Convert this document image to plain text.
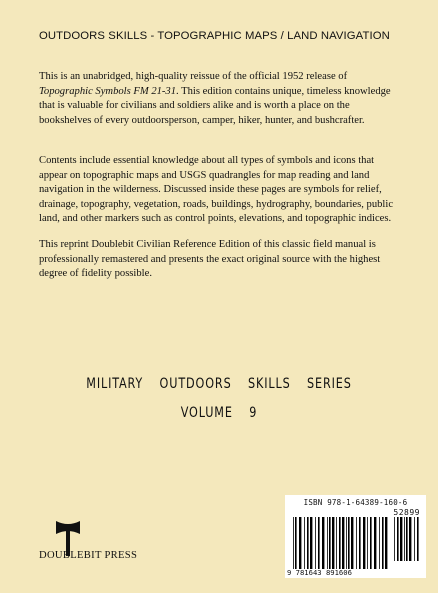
OUTDOORS SKILLS - TOPOGRAPHIC MAPS / LAND NAVIGATION

This is an unabridged, high-quality reissue of the official 1952 release of Topographic Symbols FM 21-31. This edition contains unique, timeless knowledge that is valuable for civilians and soldiers alike and is worth a place on the bookshelves of every outdoorsperson, camper, hiker, hunter, and bushcrafter.

Contents include essential knowledge about all types of symbols and icons that appear on topographic maps and USGS quadrangles for map reading and land navigation in the wilderness. Discussed inside these pages are symbols for relief, drainage, topography, vegetation, roads, buildings, hydrography, boundaries, public land, and other markers such as control points, elevations, and topographic indices.

This reprint Doublebit Civilian Reference Edition of this classic field manual is professionally remastered and presents the exact original source with the highest degree of fidelity possible.

MILITARY OUTDOORS SKILLS SERIES
VOLUME 9
DOUBLEBIT PRESS
ISBN 978-1-64389-160-6
52899
9 781643 891606
